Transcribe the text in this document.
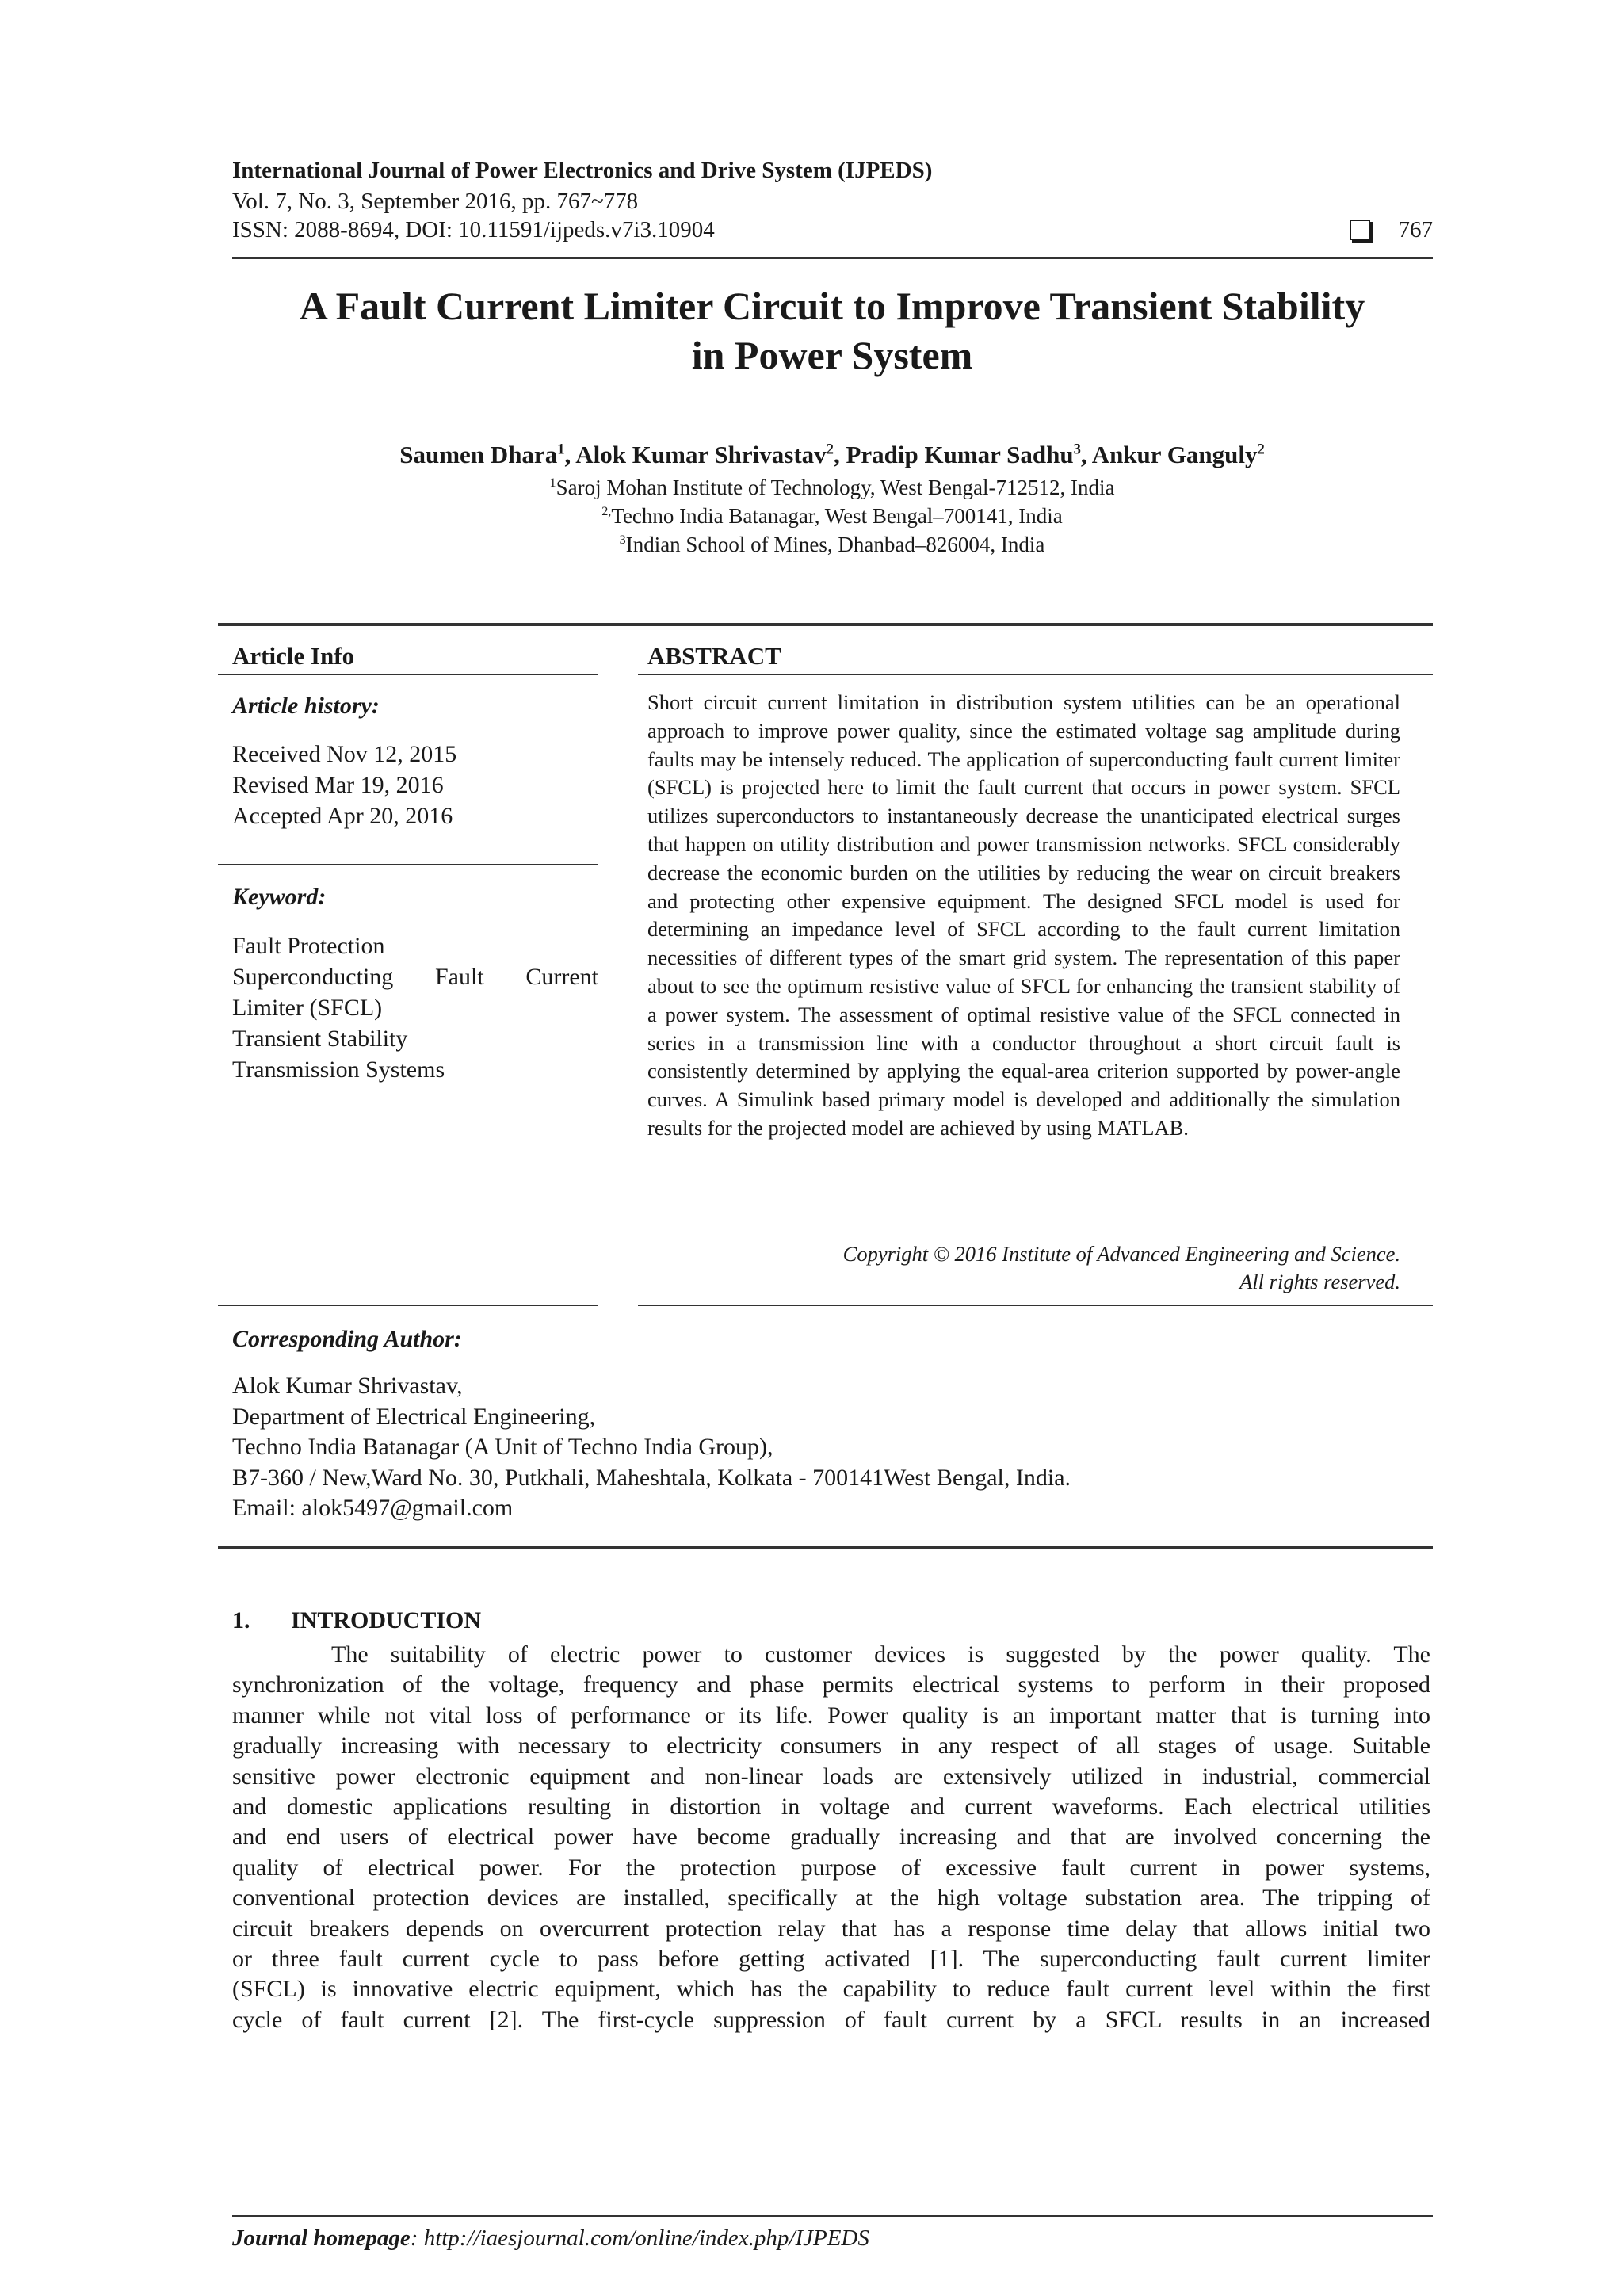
International Journal of Power Electronics and Drive System (IJPEDS)
Vol. 7, No. 3, September 2016, pp. 767~778
ISSN: 2088-8694, DOI: 10.11591/ijpeds.v7i3.10904	767
A Fault Current Limiter Circuit to Improve Transient Stability
in Power System
Saumen Dhara$^1$, Alok Kumar Shrivastav$^2$, Pradip Kumar Sadhu$^3$, Ankur Ganguly$^2$
$^1$Saroj Mohan Institute of Technology, West Bengal-712512, India
$^{2,}$Techno India Batanagar, West Bengal–700141, India
$^3$Indian School of Mines, Dhanbad–826004, India
Article Info
Article history:
Received Nov 12, 2015
Revised Mar 19, 2016
Accepted Apr 20, 2016
Keyword:
Fault Protection
Superconducting  Fault  Current
Limiter (SFCL)
Transient Stability
Transmission Systems
ABSTRACT
Short circuit current limitation in distribution system utilities can be an operational approach to improve power quality, since the estimated voltage sag amplitude during faults may be intensely reduced. The application of superconducting fault current limiter (SFCL) is projected here to limit the fault current that occurs in power system. SFCL utilizes superconductors to instantaneously decrease the unanticipated electrical surges that happen on utility distribution and power transmission networks. SFCL considerably decrease the economic burden on the utilities by reducing the wear on circuit breakers and protecting other expensive equipment. The designed SFCL model is used for determining an impedance level of SFCL according to the fault current limitation necessities of different types of the smart grid system. The representation of this paper about to see the optimum resistive value of SFCL for enhancing the transient stability of a power system. The assessment of optimal resistive value of the SFCL connected in series in a transmission line with a conductor throughout a short circuit fault is consistently determined by applying the equal-area criterion supported by power-angle curves. A Simulink based primary model is developed and additionally the simulation results for the projected model are achieved by using MATLAB.
Copyright © 2016 Institute of Advanced Engineering and Science.
All rights reserved.
Corresponding Author:
Alok Kumar Shrivastav,
Department of Electrical Engineering,
Techno India Batanagar (A Unit of Techno India Group),
B7-360 / New,Ward No. 30, Putkhali, Maheshtala, Kolkata - 700141West Bengal, India.
Email: alok5497@gmail.com
1. INTRODUCTION
The suitability of electric power to customer devices is suggested by the power quality. The
synchronization of the voltage, frequency and phase permits electrical systems to perform in their proposed
manner while not vital loss of performance or its life. Power quality is an important matter that is turning into
gradually increasing with necessary to electricity consumers in any respect of all stages of usage. Suitable
sensitive power electronic equipment and non-linear loads are extensively utilized in industrial, commercial
and domestic applications resulting in distortion in voltage and current waveforms. Each electrical utilities
and end users of electrical power have become gradually increasing and that are involved concerning the
quality of electrical power. For the protection purpose of excessive fault current in power systems,
conventional protection devices are installed, specifically at the high voltage substation area. The tripping of
circuit breakers depends on overcurrent protection relay that has a response time delay that allows initial two
or three fault current cycle to pass before getting activated [1]. The superconducting fault current limiter
(SFCL) is innovative electric equipment, which has the capability to reduce fault current level within the first
cycle of fault current [2]. The first-cycle suppression of fault current by a SFCL results in an increased
Journal homepage: http://iaesjournal.com/online/index.php/IJPEDS
